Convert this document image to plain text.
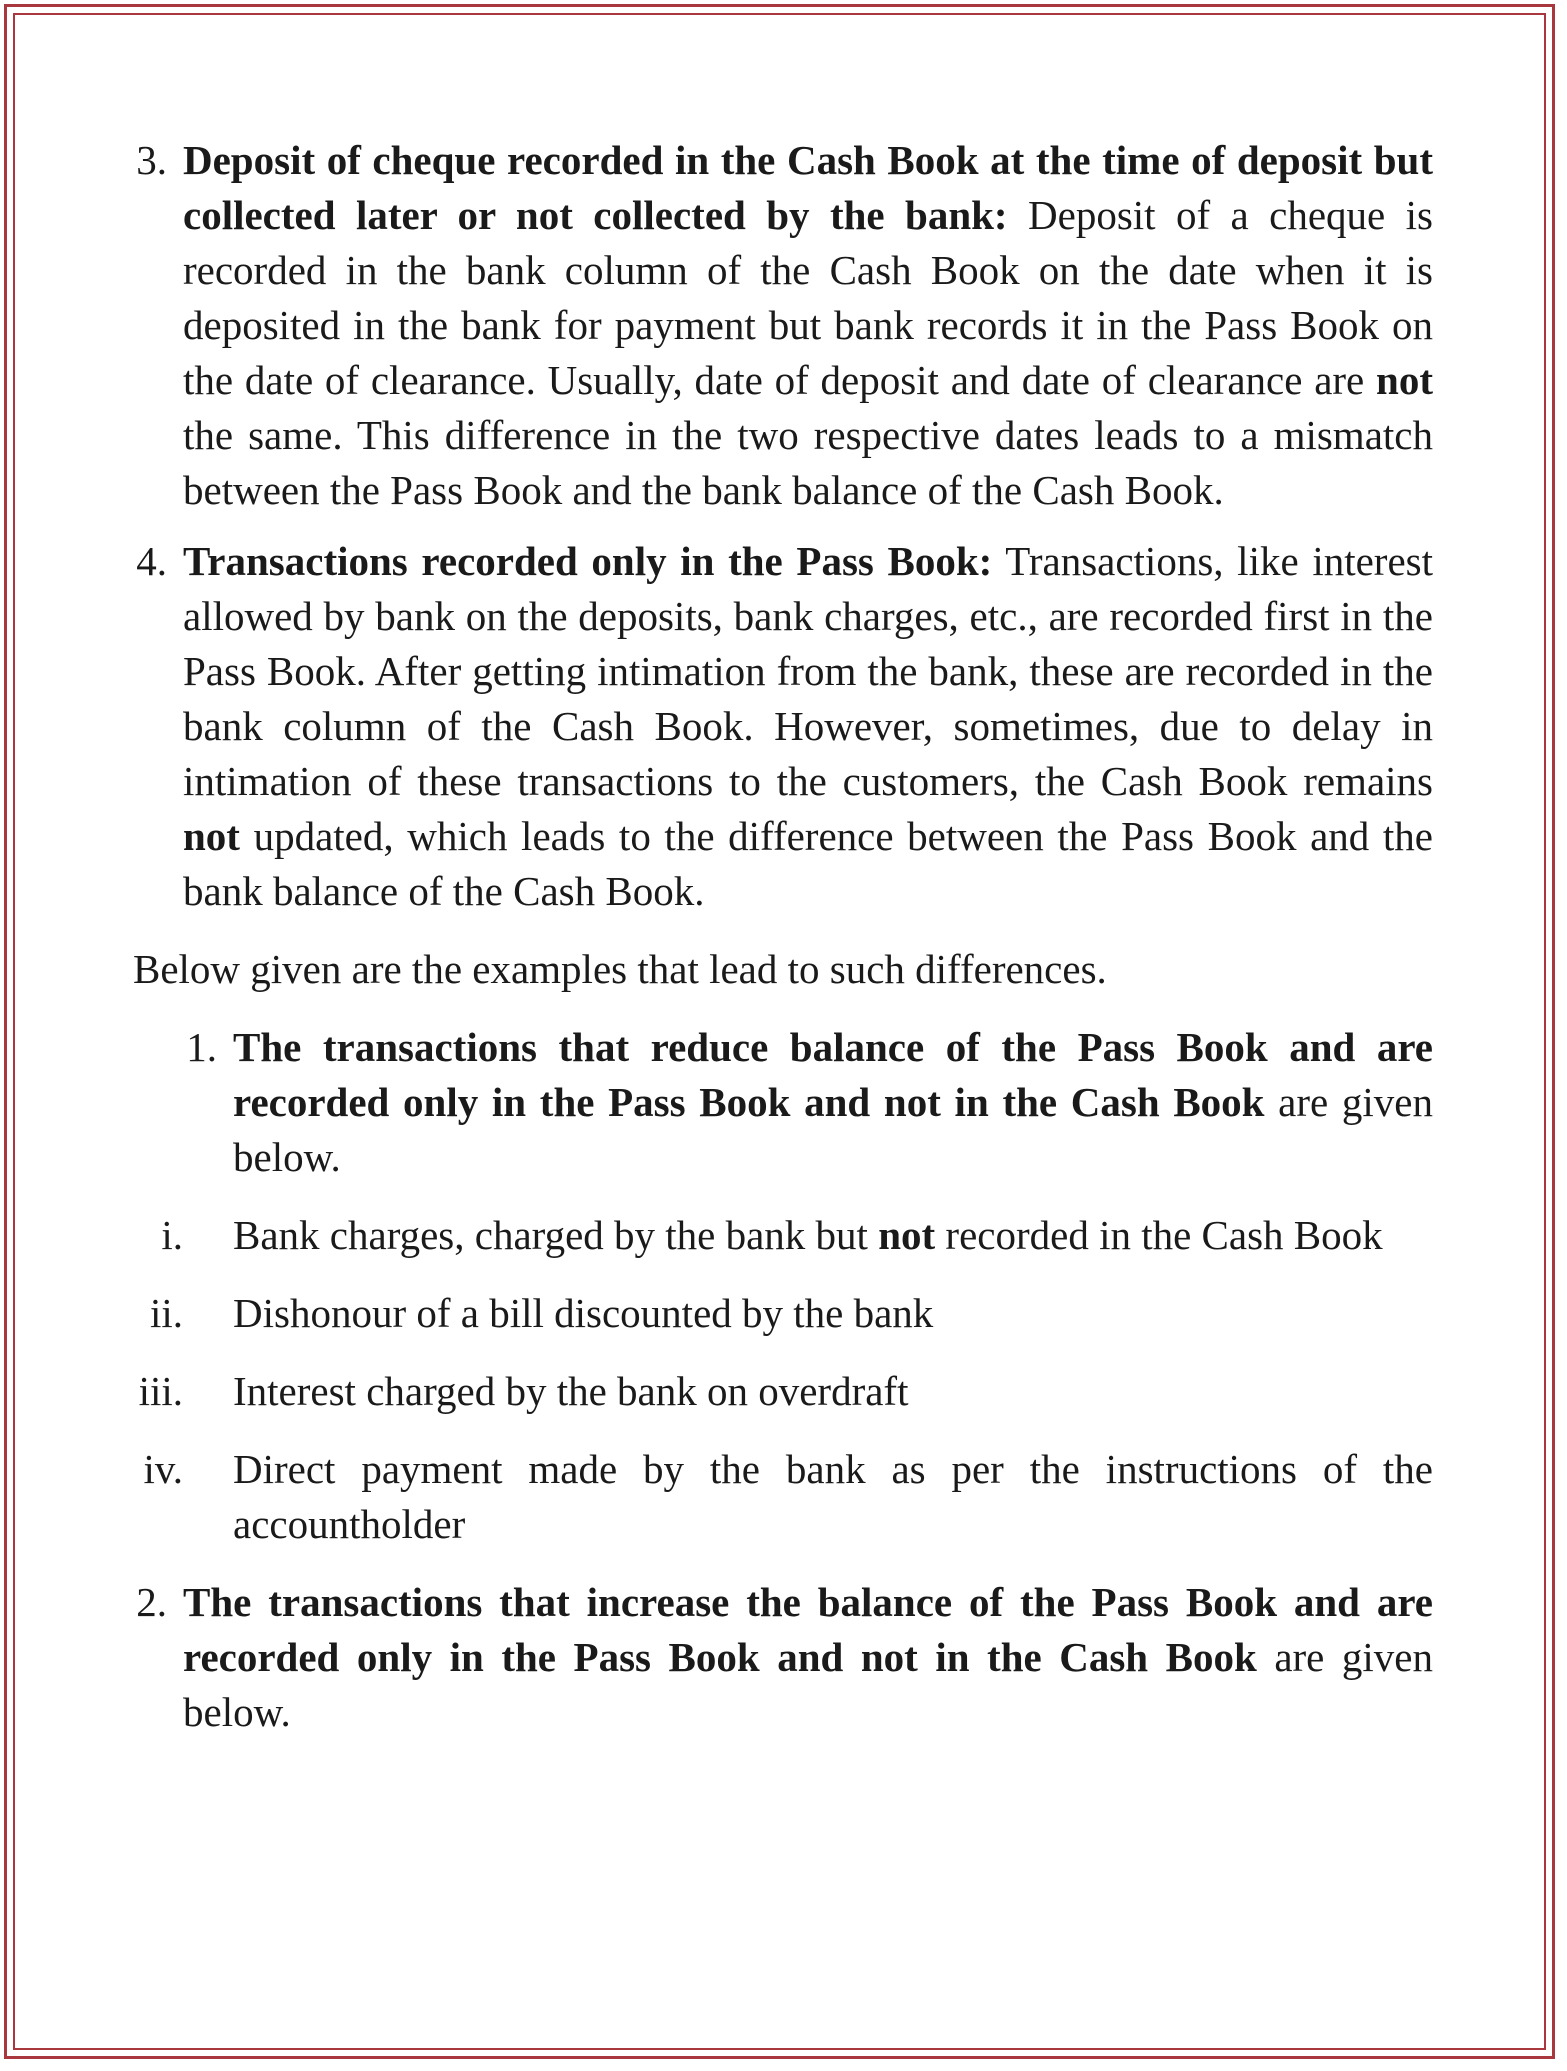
3. Deposit of cheque recorded in the Cash Book at the time of deposit but collected later or not collected by the bank: Deposit of a cheque is recorded in the bank column of the Cash Book on the date when it is deposited in the bank for payment but bank records it in the Pass Book on the date of clearance. Usually, date of deposit and date of clearance are not the same. This difference in the two respective dates leads to a mismatch between the Pass Book and the bank balance of the Cash Book.

4. Transactions recorded only in the Pass Book: Transactions, like interest allowed by bank on the deposits, bank charges, etc., are recorded first in the Pass Book. After getting intimation from the bank, these are recorded in the bank column of the Cash Book. However, sometimes, due to delay in intimation of these transactions to the customers, the Cash Book remains not updated, which leads to the difference between the Pass Book and the bank balance of the Cash Book.

Below given are the examples that lead to such differences.

1. The transactions that reduce balance of the Pass Book and are recorded only in the Pass Book and not in the Cash Book are given below.

i. Bank charges, charged by the bank but not recorded in the Cash Book

ii. Dishonour of a bill discounted by the bank

iii. Interest charged by the bank on overdraft

iv. Direct payment made by the bank as per the instructions of the accountholder

2. The transactions that increase the balance of the Pass Book and are recorded only in the Pass Book and not in the Cash Book are given below.
